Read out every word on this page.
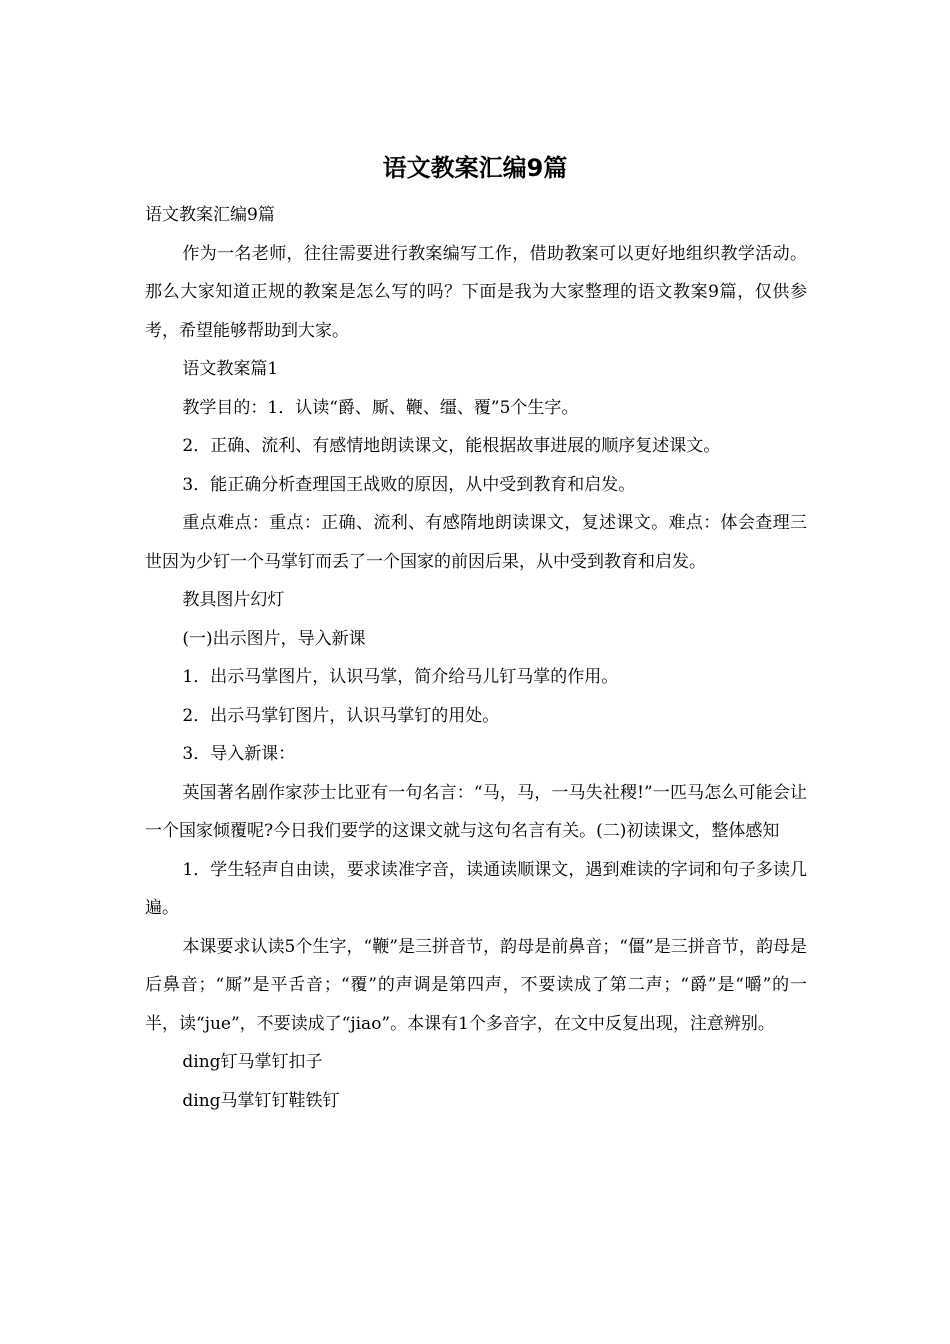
语文教案汇编9篇

语文教案汇编9篇

作为一名老师，往往需要进行教案编写工作，借助教案可以更好地组织教学活动。那么大家知道正规的教案是怎么写的吗？下面是我为大家整理的语文教案9篇，仅供参考，希望能够帮助到大家。

语文教案篇1

教学目的：1．认读“爵、厮、鞭、缰、覆”5个生字。

2．正确、流利、有感情地朗读课文，能根据故事进展的顺序复述课文。

3．能正确分析查理国王战败的原因，从中受到教育和启发。

重点难点：重点：正确、流利、有感隋地朗读课文，复述课文。难点：体会查理三世因为少钉一个马掌钉而丢了一个国家的前因后果，从中受到教育和启发。

教具图片幻灯

(一)出示图片，导入新课

1．出示马掌图片，认识马掌，简介给马儿钉马掌的作用。

2．出示马掌钉图片，认识马掌钉的用处。

3．导入新课：

英国著名剧作家莎士比亚有一句名言：“马，马，一马失社稷!”一匹马怎么可能会让一个国家倾覆呢?今日我们要学的这课文就与这句名言有关。(二)初读课文，整体感知

1．学生轻声自由读，要求读准字音，读通读顺课文，遇到难读的字词和句子多读几遍。

本课要求认读5个生字，“鞭”是三拼音节，韵母是前鼻音；“僵”是三拼音节，韵母是后鼻音；“厮”是平舌音；“覆”的声调是第四声，不要读成了第二声；“爵”是“嚼”的一半，读“jue”，不要读成了“jiao”。本课有1个多音字，在文中反复出现，注意辨别。

ding钉马掌钉扣子

ding马掌钉钉鞋铁钉
